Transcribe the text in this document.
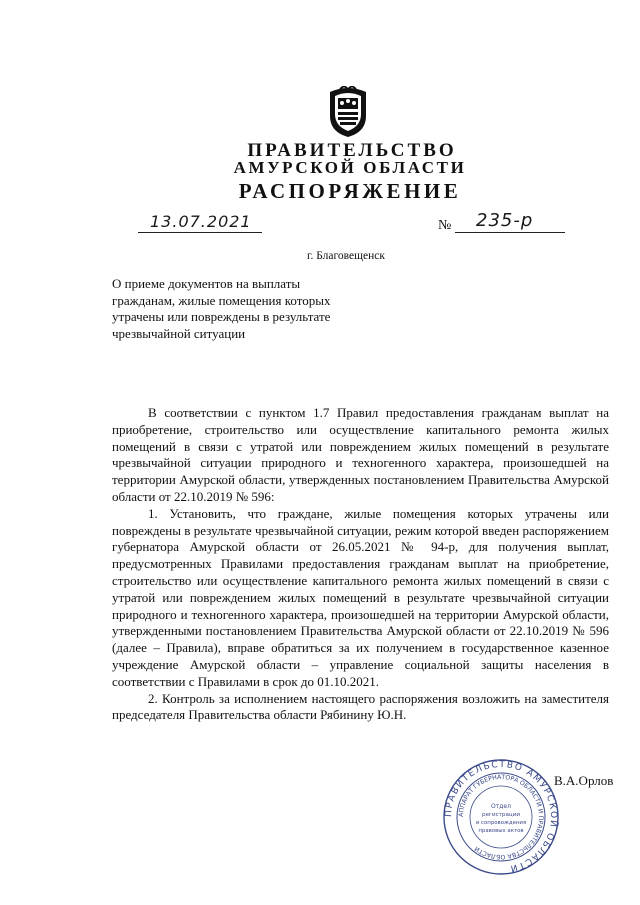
ПРАВИТЕЛЬСТВО
АМУРСКОЙ ОБЛАСТИ
РАСПОРЯЖЕНИЕ
13.07.2021	№ 235-р
г. Благовещенск
О приеме документов на выплаты гражданам, жилые помещения которых утрачены или повреждены в результате чрезвычайной ситуации

В соответствии с пунктом 1.7 Правил предоставления гражданам выплат на приобретение, строительство или осуществление капитального ремонта жилых помещений в связи с утратой или повреждением жилых помещений в результате чрезвычайной ситуации природного и техногенного характера, произошедшей на территории Амурской области, утвержденных постановлением Правительства Амурской области от 22.10.2019 № 596:

1. Установить, что граждане, жилые помещения которых утрачены или повреждены в результате чрезвычайной ситуации, режим которой введен распоряжением губернатора Амурской области от 26.05.2021 № 94-р, для получения выплат, предусмотренных Правилами предоставления гражданам выплат на приобретение, строительство или осуществление капитального ремонта жилых помещений в связи с утратой или повреждением жилых помещений в результате чрезвычайной ситуации природного и техногенного характера, произошедшей на территории Амурской области, утвержденными постановлением Правительства Амурской области от 22.10.2019 № 596 (далее – Правила), вправе обратиться за их получением в государственное казенное учреждение Амурской области – управление социальной защиты населения в соответствии с Правилами в срок до 01.10.2021.

2. Контроль за исполнением настоящего распоряжения возложить на заместителя председателя Правительства области Рябинину Ю.Н.

ПРАВИТЕЛЬСТВО АМУРСКОЙ ОБЛАСТИ
АППАРАТ ГУБЕРНАТОРА ОБЛАСТИ И ПРАВИТЕЛЬСТВА ОБЛАСТИ
Отдел
регистрации
и сопровождения
правовых актов
В.А.Орлов
